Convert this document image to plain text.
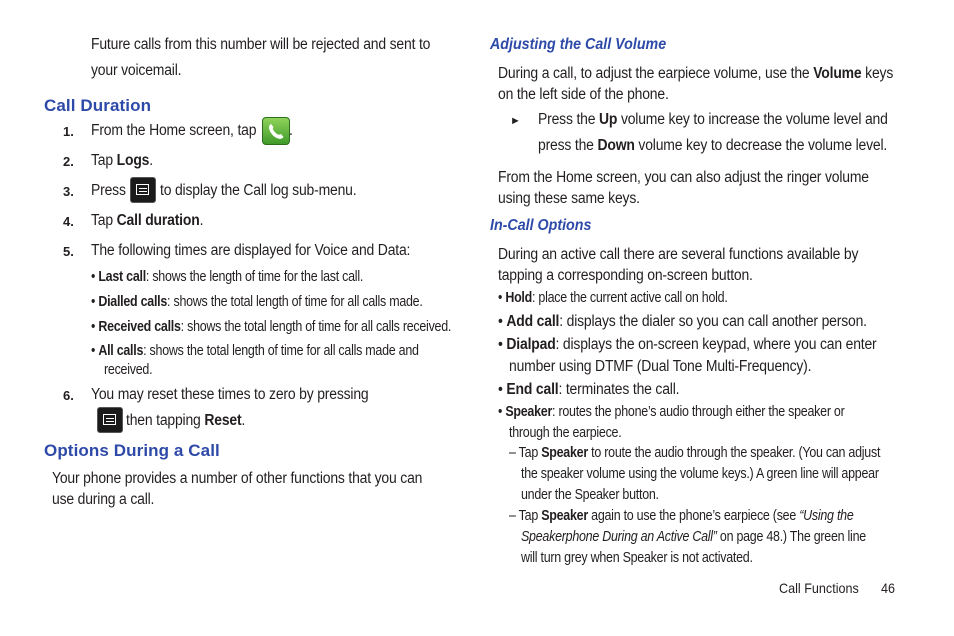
Future calls from this number will be rejected and sent to
your voicemail.
Call Duration
1. From the Home screen, tap .
2. Tap Logs.
3. Press to display the Call log sub-menu.
4. Tap Call duration.
5. The following times are displayed for Voice and Data:
• Last call: shows the length of time for the last call.
• Dialled calls: shows the total length of time for all calls made.
• Received calls: shows the total length of time for all calls received.
• All calls: shows the total length of time for all calls made and
received.
6. You may reset these times to zero by pressing
then tapping Reset.
Options During a Call
Your phone provides a number of other functions that you can
use during a call.
Adjusting the Call Volume
During a call, to adjust the earpiece volume, use the Volume keys
on the left side of the phone.
► Press the Up volume key to increase the volume level and
press the Down volume key to decrease the volume level.
From the Home screen, you can also adjust the ringer volume
using these same keys.
In-Call Options
During an active call there are several functions available by
tapping a corresponding on-screen button.
• Hold: place the current active call on hold.
• Add call: displays the dialer so you can call another person.
• Dialpad: displays the on-screen keypad, where you can enter
number using DTMF (Dual Tone Multi-Frequency).
• End call: terminates the call.
• Speaker: routes the phone’s audio through either the speaker or
through the earpiece.
– Tap Speaker to route the audio through the speaker. (You can adjust
the speaker volume using the volume keys.) A green line will appear
under the Speaker button.
– Tap Speaker again to use the phone’s earpiece (see “Using the
Speakerphone During an Active Call” on page 48.) The green line
will turn grey when Speaker is not activated.
Call Functions 46
